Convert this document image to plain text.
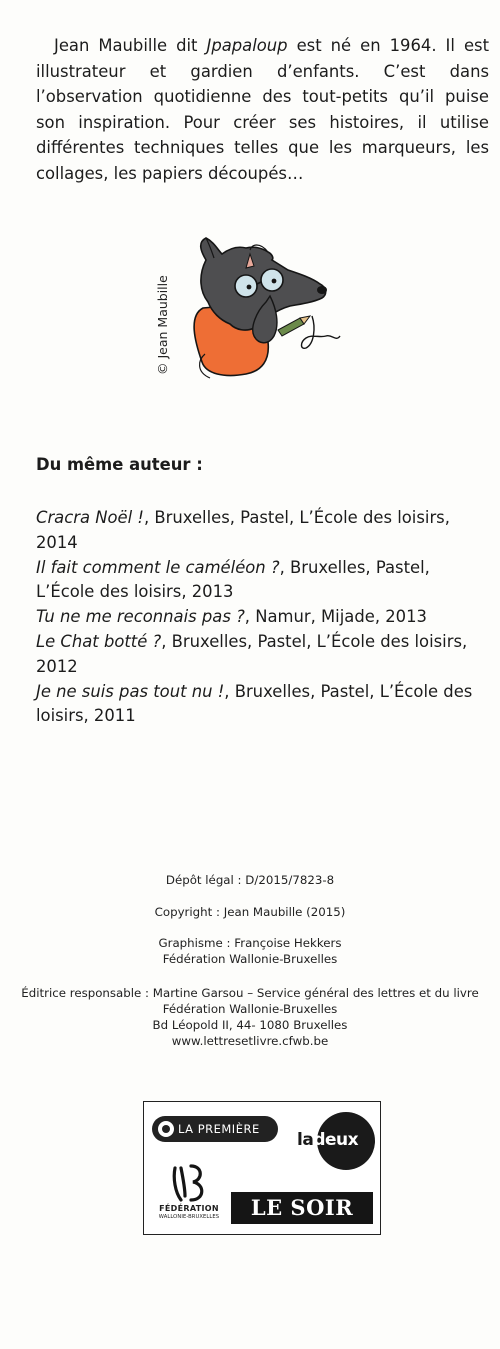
Jean Maubille dit Jpapaloup est né en 1964. Il est illustrateur et gardien d’enfants. C’est dans l’observation quotidienne des tout-petits qu’il puise son inspiration. Pour créer ses histoires, il utilise différentes techniques telles que les marqueurs, les collages, les papiers découpés…

© Jean Maubille
Du même auteur :
Cracra Noël !, Bruxelles, Pastel, L’École des loisirs, 2014
Il fait comment le caméléon ?, Bruxelles, Pastel, L’École des loisirs, 2013
Tu ne me reconnais pas ?, Namur, Mijade, 2013
Le Chat botté ?, Bruxelles, Pastel, L’École des loisirs, 2012
Je ne suis pas tout nu !, Bruxelles, Pastel, L’École des loisirs, 2011
Dépôt légal : D/2015/7823-8
Copyright : Jean Maubille (2015)
Graphisme : Françoise Hekkers
Fédération Wallonie-Bruxelles
Éditrice responsable : Martine Garsou – Service général des lettres et du livre
Fédération Wallonie-Bruxelles
Bd Léopold II, 44- 1080 Bruxelles
www.lettresetlivre.cfwb.be
LA PREMIÈRE
ladeux
FÉDÉRATION
WALLONIE-BRUXELLES	LE SOIR
